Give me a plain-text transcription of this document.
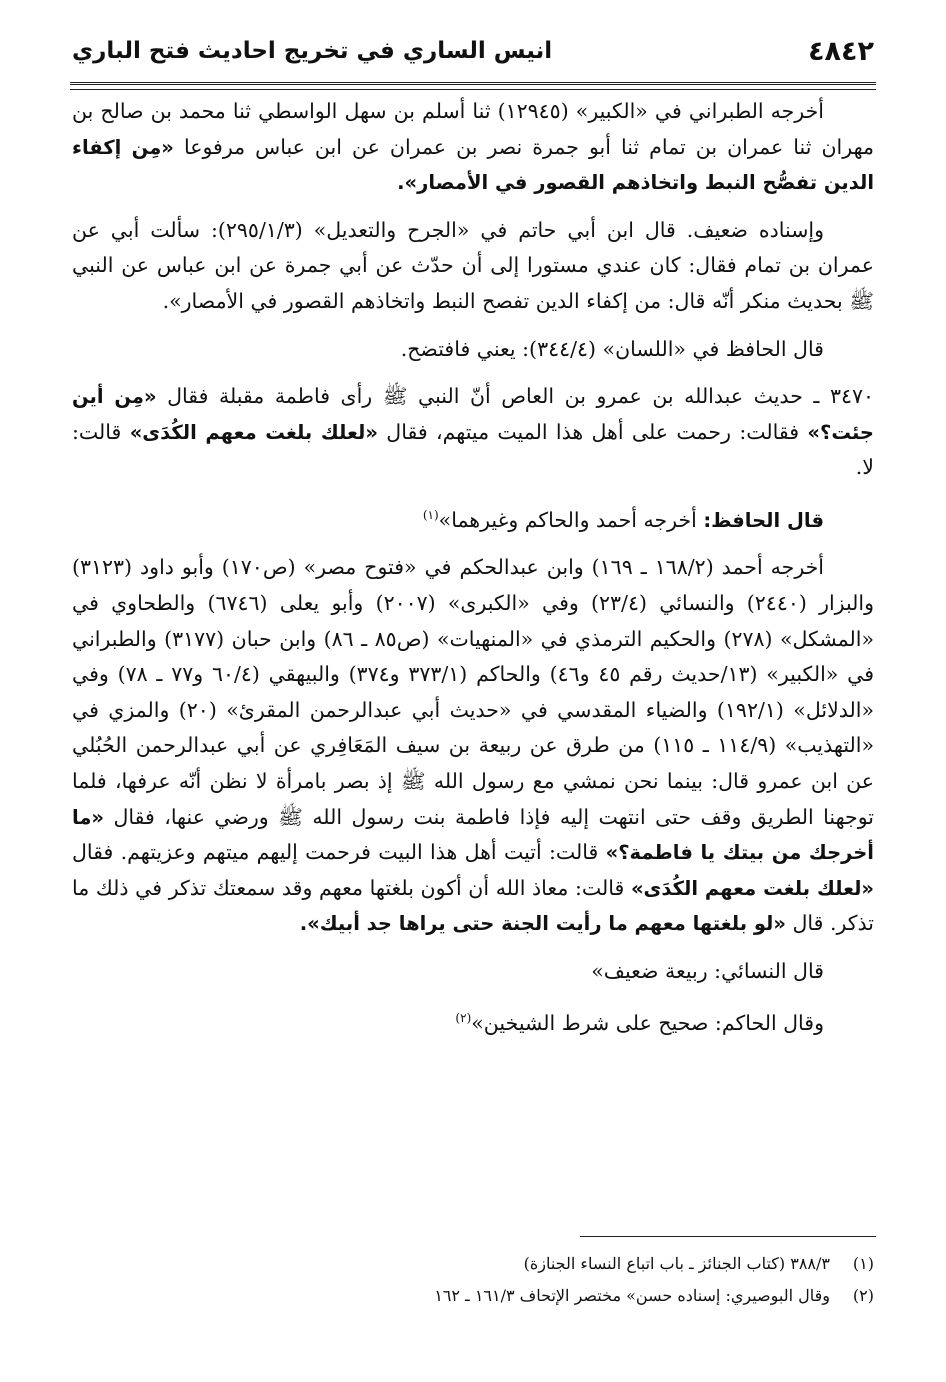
٤٨٤٢
انيس الساري في تخريج احاديث فتح الباري

أخرجه الطبراني في «الكبير» (١٢٩٤٥) ثنا أسلم بن سهل الواسطي ثنا محمد بن صالح بن مهران ثنا عمران بن تمام ثنا أبو جمرة نصر بن عمران عن ابن عباس مرفوعا «مِن إكفاء الدين تفصُّح النبط واتخاذهم القصور في الأمصار».

وإسناده ضعيف. قال ابن أبي حاتم في «الجرح والتعديل» (٢٩٥/١/٣): سألت أبي عن عمران بن تمام فقال: كان عندي مستورا إلى أن حدّث عن أبي جمرة عن ابن عباس عن النبي ﷺ بحديث منكر أنّه قال: من إكفاء الدين تفصح النبط واتخاذهم القصور في الأمصار».

قال الحافظ في «اللسان» (٣٤٤/٤): يعني فافتضح.

٣٤٧٠ ـ حديث عبدالله بن عمرو بن العاص أنّ النبي ﷺ رأى فاطمة مقبلة فقال «مِن أين جئت؟» فقالت: رحمت على أهل هذا الميت ميتهم، فقال «لعلك بلغت معهم الكُدَى» قالت: لا.

قال الحافظ: أخرجه أحمد والحاكم وغيرهما»$^{(١)}$

أخرجه أحمد (١٦٨/٢ ـ ١٦٩) وابن عبدالحكم في «فتوح مصر» (ص١٧٠) وأبو داود (٣١٢٣) والبزار (٢٤٤٠) والنسائي (٢٣/٤) وفي «الكبرى» (٢٠٠٧) وأبو يعلى (٦٧٤٦) والطحاوي في «المشكل» (٢٧٨) والحكيم الترمذي في «المنهيات» (ص٨٥ ـ ٨٦) وابن حبان (٣١٧٧) والطبراني في «الكبير» (١٣/حديث رقم ٤٥ و٤٦) والحاكم (٣٧٣/١ و٣٧٤) والبيهقي (٦٠/٤ و٧٧ ـ ٧٨) وفي «الدلائل» (١٩٢/١) والضياء المقدسي في «حديث أبي عبدالرحمن المقرئ» (٢٠) والمزي في «التهذيب» (١١٤/٩ ـ ١١٥) من طرق عن ربيعة بن سيف المَعَافِري عن أبي عبدالرحمن الحُبُلي عن ابن عمرو قال: بينما نحن نمشي مع رسول الله ﷺ إذ بصر بامرأة لا نظن أنّه عرفها، فلما توجهنا الطريق وقف حتى انتهت إليه فإذا فاطمة بنت رسول الله ﷺ ورضي عنها، فقال «ما أخرجك من بيتك يا فاطمة؟» قالت: أتيت أهل هذا البيت فرحمت إليهم ميتهم وعزيتهم. فقال «لعلك بلغت معهم الكُدَى» قالت: معاذ الله أن أكون بلغتها معهم وقد سمعتك تذكر في ذلك ما تذكر. قال «لو بلغتها معهم ما رأيت الجنة حتى يراها جد أبيك».

قال النسائي: ربيعة ضعيف»

وقال الحاكم: صحيح على شرط الشيخين»$^{(٢)}$

(١)٣٨٨/٣ (كتاب الجنائز ـ باب اتباع النساء الجنازة)
(٢)وقال البوصيري: إسناده حسن» مختصر الإتحاف ١٦١/٣ ـ ١٦٢
